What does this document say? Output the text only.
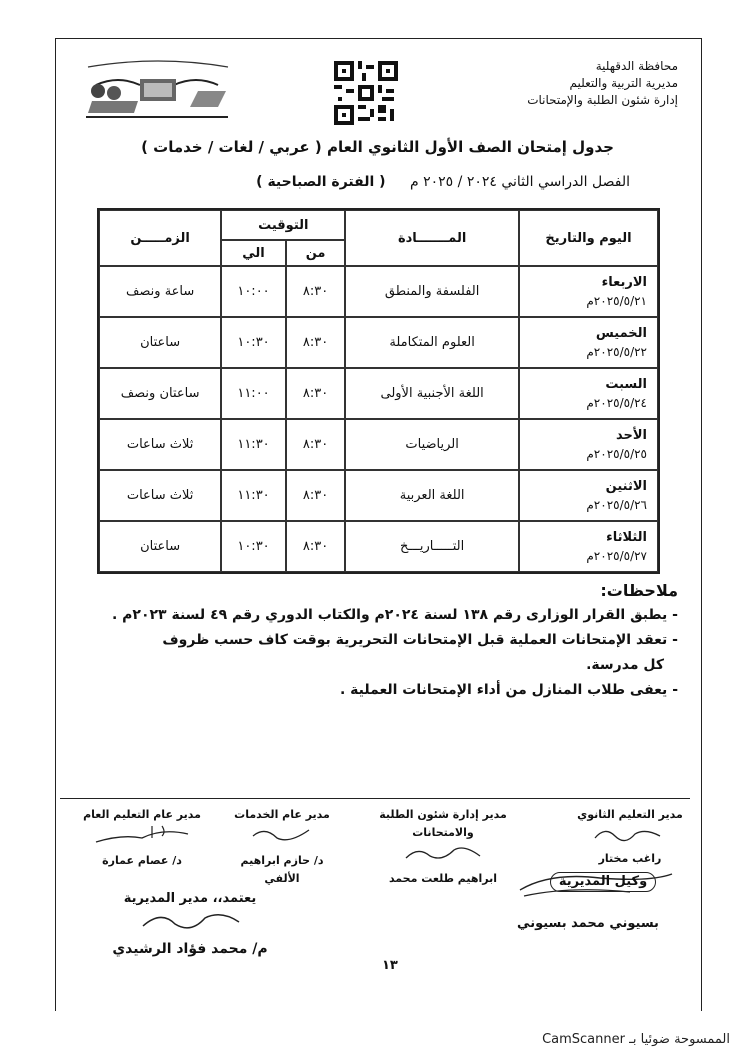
محافظة الدقهلية
مديرية التربية والتعليم
إدارة شئون الطلبة والإمتحانات
جدول إمتحان الصف الأول الثانوي العام ( عربي / لغات / خدمات )
الفصل الدراسي الثاني ٢٠٢٤ / ٢٠٢٥ م ( الفترة الصباحية )
اليوم والتاريخ	المـــــــادة	التوقيت		الزمـــــن
		من	الي	

الاربعاء
٢٠٢٥/٥/٢١م	الفلسفة والمنطق	٨:٣٠	١٠:٠٠	ساعة ونصف

الخميس
٢٠٢٥/٥/٢٢م	العلوم المتكاملة	٨:٣٠	١٠:٣٠	ساعتان

السبت
٢٠٢٥/٥/٢٤م	اللغة الأجنبية الأولى	٨:٣٠	١١:٠٠	ساعتان ونصف

الأحد
٢٠٢٥/٥/٢٥م	الرياضيات	٨:٣٠	١١:٣٠	ثلاث ساعات

الاثنين
٢٠٢٥/٥/٢٦م	اللغة العربية	٨:٣٠	١١:٣٠	ثلاث ساعات

الثلاثاء
٢٠٢٥/٥/٢٧م	التـــــاريـــخ	٨:٣٠	١٠:٣٠	ساعتان
ملاحظات:
- يطبق القرار الوزارى رقم ١٣٨ لسنة ٢٠٢٤م والكتاب الدوري رقم ٤٩ لسنة ٢٠٢٣م .
- تعقد الإمتحانات العملية قبل الإمتحانات التحريرية بوقت كاف حسب ظروف
كل مدرسة.
- يعفى طلاب المنازل من أداء الإمتحانات العملية .
مدير التعليم الثانوي
راغب مختار
مدير إدارة شئون الطلبة والامتحانات
ابراهيم طلعت محمد
مدير عام الخدمات
د/ حازم ابراهيم الألفي
مدير عام التعليم العام
د/ عصام عمارة
وكيل المديرية
بسيوني محمد بسيوني
يعتمد،، مدير المديرية
م/ محمد فؤاد الرشيدي
١٣
الممسوحة ضوئيا بـ CamScanner
